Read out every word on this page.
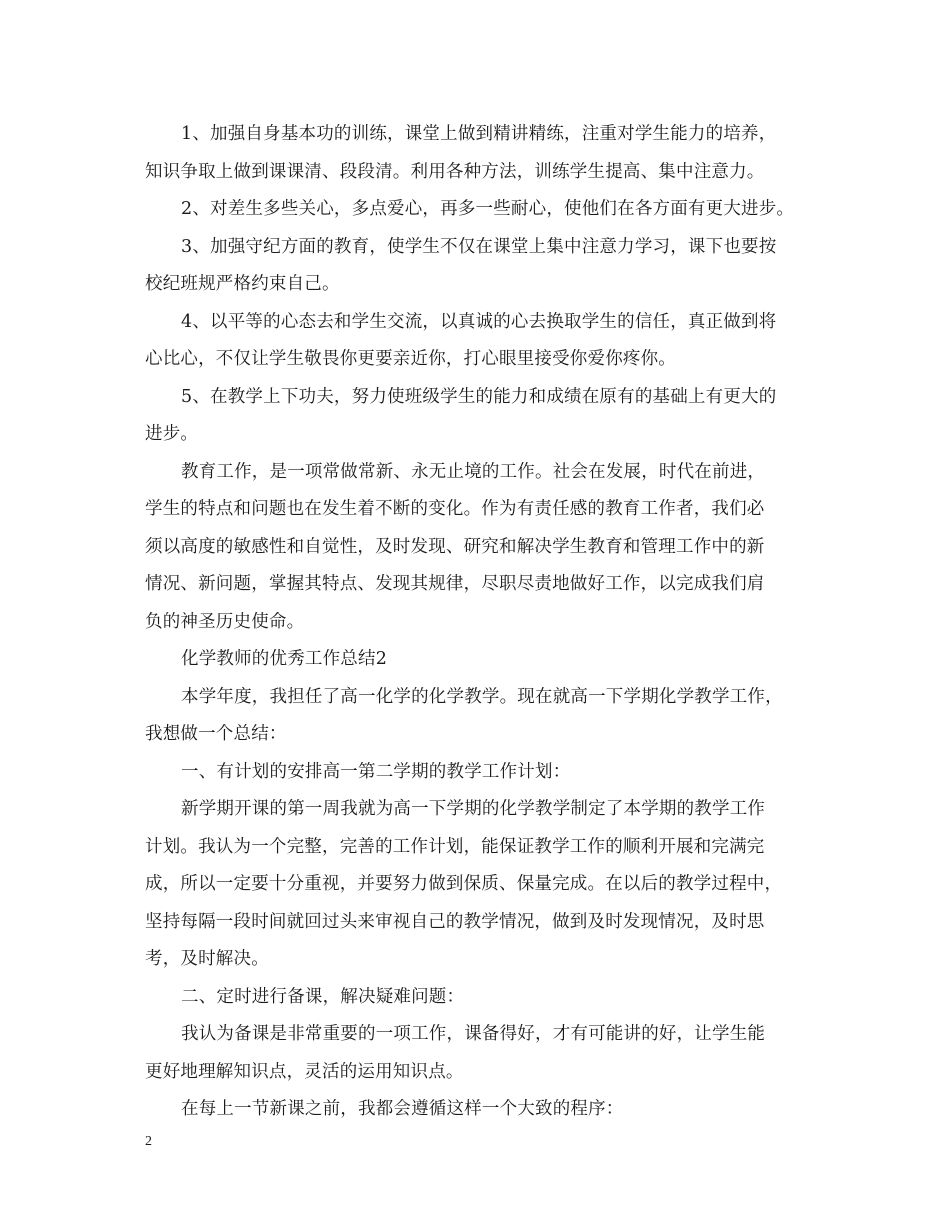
1、加强自身基本功的训练，课堂上做到精讲精练，注重对学生能力的培养，
知识争取上做到课课清、段段清。利用各种方法，训练学生提高、集中注意力。
2、对差生多些关心，多点爱心，再多一些耐心，使他们在各方面有更大进步。
3、加强守纪方面的教育，使学生不仅在课堂上集中注意力学习，课下也要按
校纪班规严格约束自己。
4、以平等的心态去和学生交流，以真诚的心去换取学生的信任，真正做到将
心比心，不仅让学生敬畏你更要亲近你，打心眼里接受你爱你疼你。
5、在教学上下功夫，努力使班级学生的能力和成绩在原有的基础上有更大的
进步。
教育工作，是一项常做常新、永无止境的工作。社会在发展，时代在前进，
学生的特点和问题也在发生着不断的变化。作为有责任感的教育工作者，我们必
须以高度的敏感性和自觉性，及时发现、研究和解决学生教育和管理工作中的新
情况、新问题，掌握其特点、发现其规律，尽职尽责地做好工作，以完成我们肩
负的神圣历史使命。
化学教师的优秀工作总结2
本学年度，我担任了高一化学的化学教学。现在就高一下学期化学教学工作，
我想做一个总结：
一、有计划的安排高一第二学期的教学工作计划：
新学期开课的第一周我就为高一下学期的化学教学制定了本学期的教学工作
计划。我认为一个完整，完善的工作计划，能保证教学工作的顺利开展和完满完
成，所以一定要十分重视，并要努力做到保质、保量完成。在以后的教学过程中，
坚持每隔一段时间就回过头来审视自己的教学情况，做到及时发现情况，及时思
考，及时解决。
二、定时进行备课，解决疑难问题：
我认为备课是非常重要的一项工作，课备得好，才有可能讲的好，让学生能
更好地理解知识点，灵活的运用知识点。
在每上一节新课之前，我都会遵循这样一个大致的程序：
2
